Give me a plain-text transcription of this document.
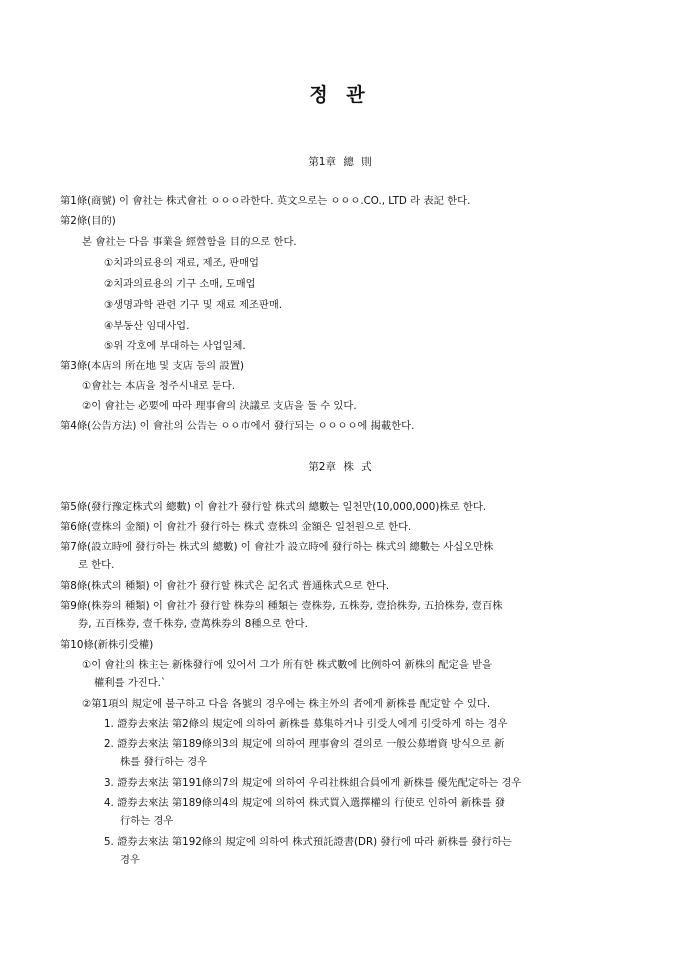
정 관
第1章 總 則
第1條(商號) 이 會社는 株式會社 ㅇㅇㅇ라한다. 英文으로는 ㅇㅇㅇ.CO., LTD 라 表記 한다.
第2條(目的)
본 會社는 다음 事業을 經營함을 目的으로 한다.
①치과의료용의 재료, 제조, 판매업
②치과의료용의 기구 소매, 도매업
③생명과학 관련 기구 및 재료 제조판매.
④부동산 임대사업.
⑤위 각호에 부대하는 사업일체.
第3條(本店의 所在地 및 支店 등의 設置)
①會社는 本店을 청주시내로 둔다.
②이 會社는 必要에 따라 理事會의 決議로 支店을 둘 수 있다.
第4條(公告方法) 이 會社의 公告는 ㅇㅇ市에서 發行되는 ㅇㅇㅇㅇ에 揭載한다.
第2章 株 式
第5條(發行豫定株式의 總數) 이 會社가 發行할 株式의 總數는 일천만(10,000,000)株로 한다.
第6條(壹株의 金額) 이 會社가 發行하는 株式 壹株의 金額은 일천원으로 한다.
第7條(設立時에 發行하는 株式의 總數) 이 會社가 設立時에 發行하는 株式의 總數는 사십오만株
로 한다.
第8條(株式의 種類) 이 會社가 發行할 株式은 記名式 普通株式으로 한다.
第9條(株券의 種類) 이 會社가 發行할 株券의 種類는 壹株券, 五株券, 壹拾株券, 五拾株券, 壹百株
券, 五百株券, 壹千株券, 壹萬株券의 8種으로 한다.
第10條(新株引受權)
①이 會社의 株主는 新株發行에 있어서 그가 所有한 株式數에 比例하여 新株의 配定을 받을
權利를 가진다.`
②第1項의 規定에 불구하고 다음 各號의 경우에는 株主外의 者에게 新株를 配定할 수 있다.
1. 證券去來法 第2條의 規定에 의하여 新株를 募集하거나 引受人에게 引受하게 하는 경우
2. 證券去來法 第189條의3의 規定에 의하여 理事會의 결의로 一般公募增資 방식으로 新
株를 發行하는 경우
3. 證券去來法 第191條의7의 規定에 의하여 우리社株組合員에게 新株를 優先配定하는 경우
4. 證券去來法 第189條의4의 規定에 의하여 株式買入選擇權의 行使로 인하여 新株를 發
行하는 경우
5. 證券去來法 第192條의 規定에 의하여 株式預託證書(DR) 發行에 따라 新株를 發行하는
경우
